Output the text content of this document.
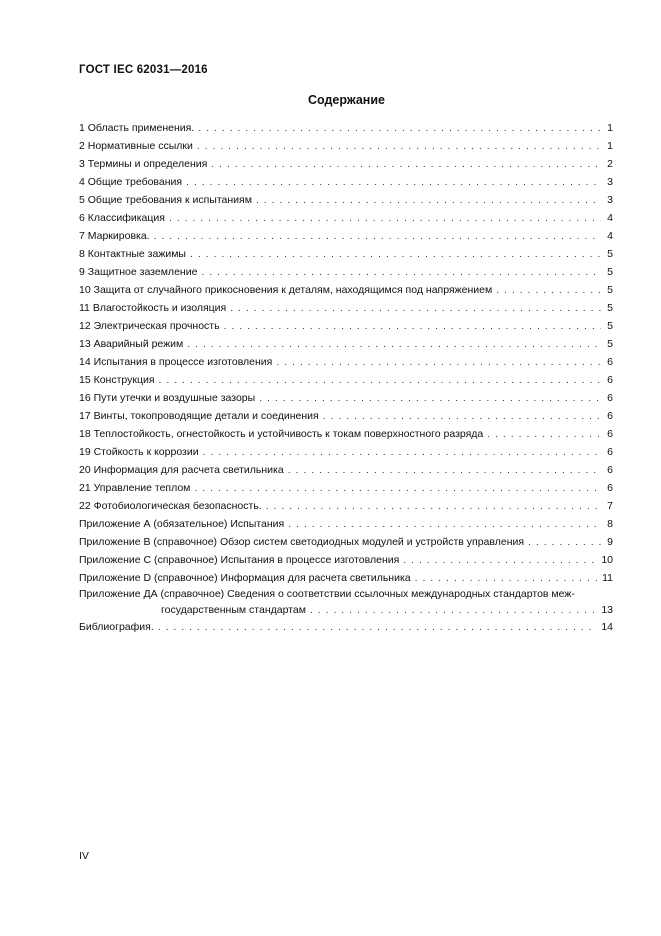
ГОСТ IEC 62031—2016
Содержание
1 Область применения. . . .	1
2 Нормативные ссылки . . .	1
3 Термины и определения . . .	2
4 Общие требования . . .	3
5 Общие требования к испытаниям . . .	3
6 Классификация . . .	4
7 Маркировка. . . .	4
8 Контактные зажимы . . .	5
9 Защитное заземление . . .	5
10 Защита от случайного прикосновения к деталям, находящимся под напряжением . . .	5
11 Влагостойкость и изоляция . . .	5
12 Электрическая прочность . . .	5
13 Аварийный режим . . .	5
14 Испытания в процессе изготовления . . .	6
15 Конструкция . . .	6
16 Пути утечки и воздушные зазоры . . .	6
17 Винты, токопроводящие детали и соединения . . .	6
18 Теплостойкость, огнестойкость и устойчивость к токам поверхностного разряда . . .	6
19 Стойкость к коррозии . . .	6
20 Информация для расчета светильника . . .	6
21 Управление теплом . . .	6
22 Фотобиологическая безопасность. . . .	7
Приложение А (обязательное) Испытания . . .	8
Приложение В (справочное) Обзор систем светодиодных модулей и устройств управления . . .	9
Приложение С (справочное) Испытания в процессе изготовления . . .	10
Приложение D (справочное) Информация для расчета светильника . . .	11
Приложение ДА (справочное) Сведения о соответствии ссылочных международных стандартов меж-
государственным стандартам . . .	13
Библиография. . . .	14
IV
